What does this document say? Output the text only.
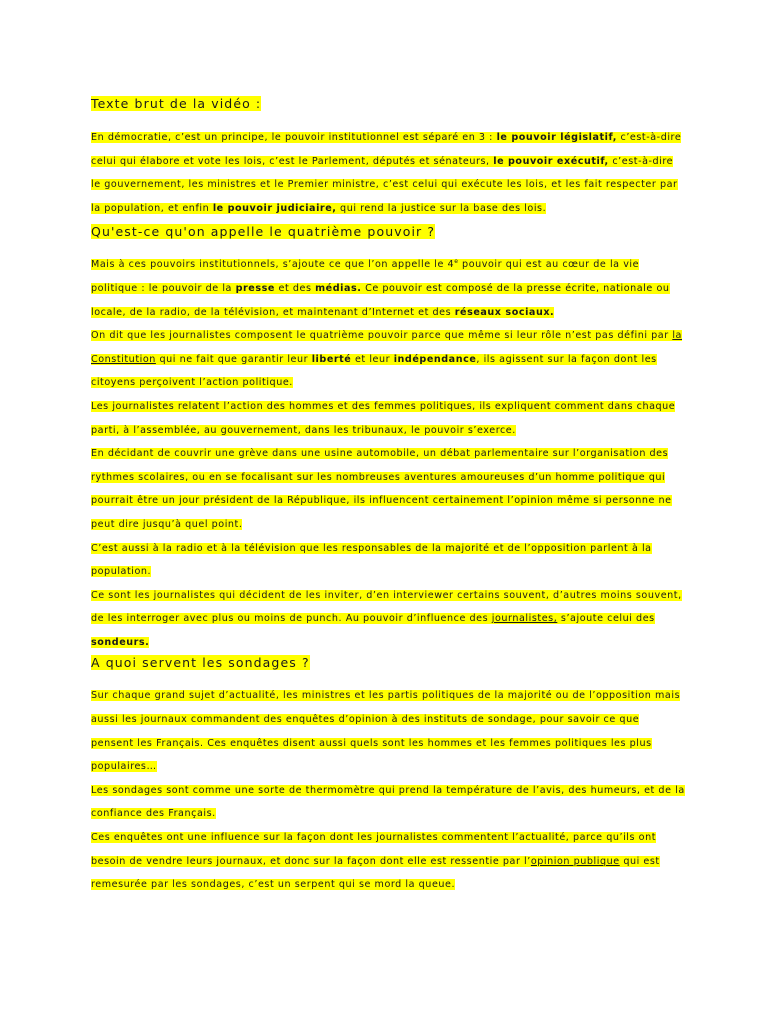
Texte brut de la vidéo :

En démocratie, c’est un principe, le pouvoir institutionnel est séparé en 3 : le pouvoir législatif, c’est-à-dire celui qui élabore et vote les lois, c’est le Parlement, députés et sénateurs, le pouvoir exécutif, c’est-à-dire le gouvernement, les ministres et le Premier ministre, c’est celui qui exécute les lois, et les fait respecter par la population, et enfin le pouvoir judiciaire, qui rend la justice sur la base des lois.

Qu'est-ce qu'on appelle le quatrième pouvoir ?

Mais à ces pouvoirs institutionnels, s’ajoute ce que l’on appelle le 4e pouvoir qui est au cœur de la vie politique : le pouvoir de la presse et des médias. Ce pouvoir est composé de la presse écrite, nationale ou locale, de la radio, de la télévision, et maintenant d’Internet et des réseaux sociaux.

On dit que les journalistes composent le quatrième pouvoir parce que même si leur rôle n’est pas défini par la Constitution qui ne fait que garantir leur liberté et leur indépendance, ils agissent sur la façon dont les citoyens perçoivent l’action politique.

Les journalistes relatent l’action des hommes et des femmes politiques, ils expliquent comment dans chaque parti, à l’assemblée, au gouvernement, dans les tribunaux, le pouvoir s’exerce.

En décidant de couvrir une grève dans une usine automobile, un débat parlementaire sur l’organisation des rythmes scolaires, ou en se focalisant sur les nombreuses aventures amoureuses d’un homme politique qui pourrait être un jour président de la République, ils influencent certainement l’opinion même si personne ne peut dire jusqu’à quel point.

C’est aussi à la radio et à la télévision que les responsables de la majorité et de l’opposition parlent à la population.

Ce sont les journalistes qui décident de les inviter, d’en interviewer certains souvent, d’autres moins souvent, de les interroger avec plus ou moins de punch. Au pouvoir d’influence des journalistes, s’ajoute celui des sondeurs.

A quoi servent les sondages ?

Sur chaque grand sujet d’actualité, les ministres et les partis politiques de la majorité ou de l’opposition mais aussi les journaux commandent des enquêtes d’opinion à des instituts de sondage, pour savoir ce que pensent les Français. Ces enquêtes disent aussi quels sont les hommes et les femmes politiques les plus populaires…

Les sondages sont comme une sorte de thermomètre qui prend la température de l’avis, des humeurs, et de la confiance des Français.

Ces enquêtes ont une influence sur la façon dont les journalistes commentent l’actualité, parce qu’ils ont besoin de vendre leurs journaux, et donc sur la façon dont elle est ressentie par l’opinion publique qui est remesurée par les sondages, c’est un serpent qui se mord la queue.
